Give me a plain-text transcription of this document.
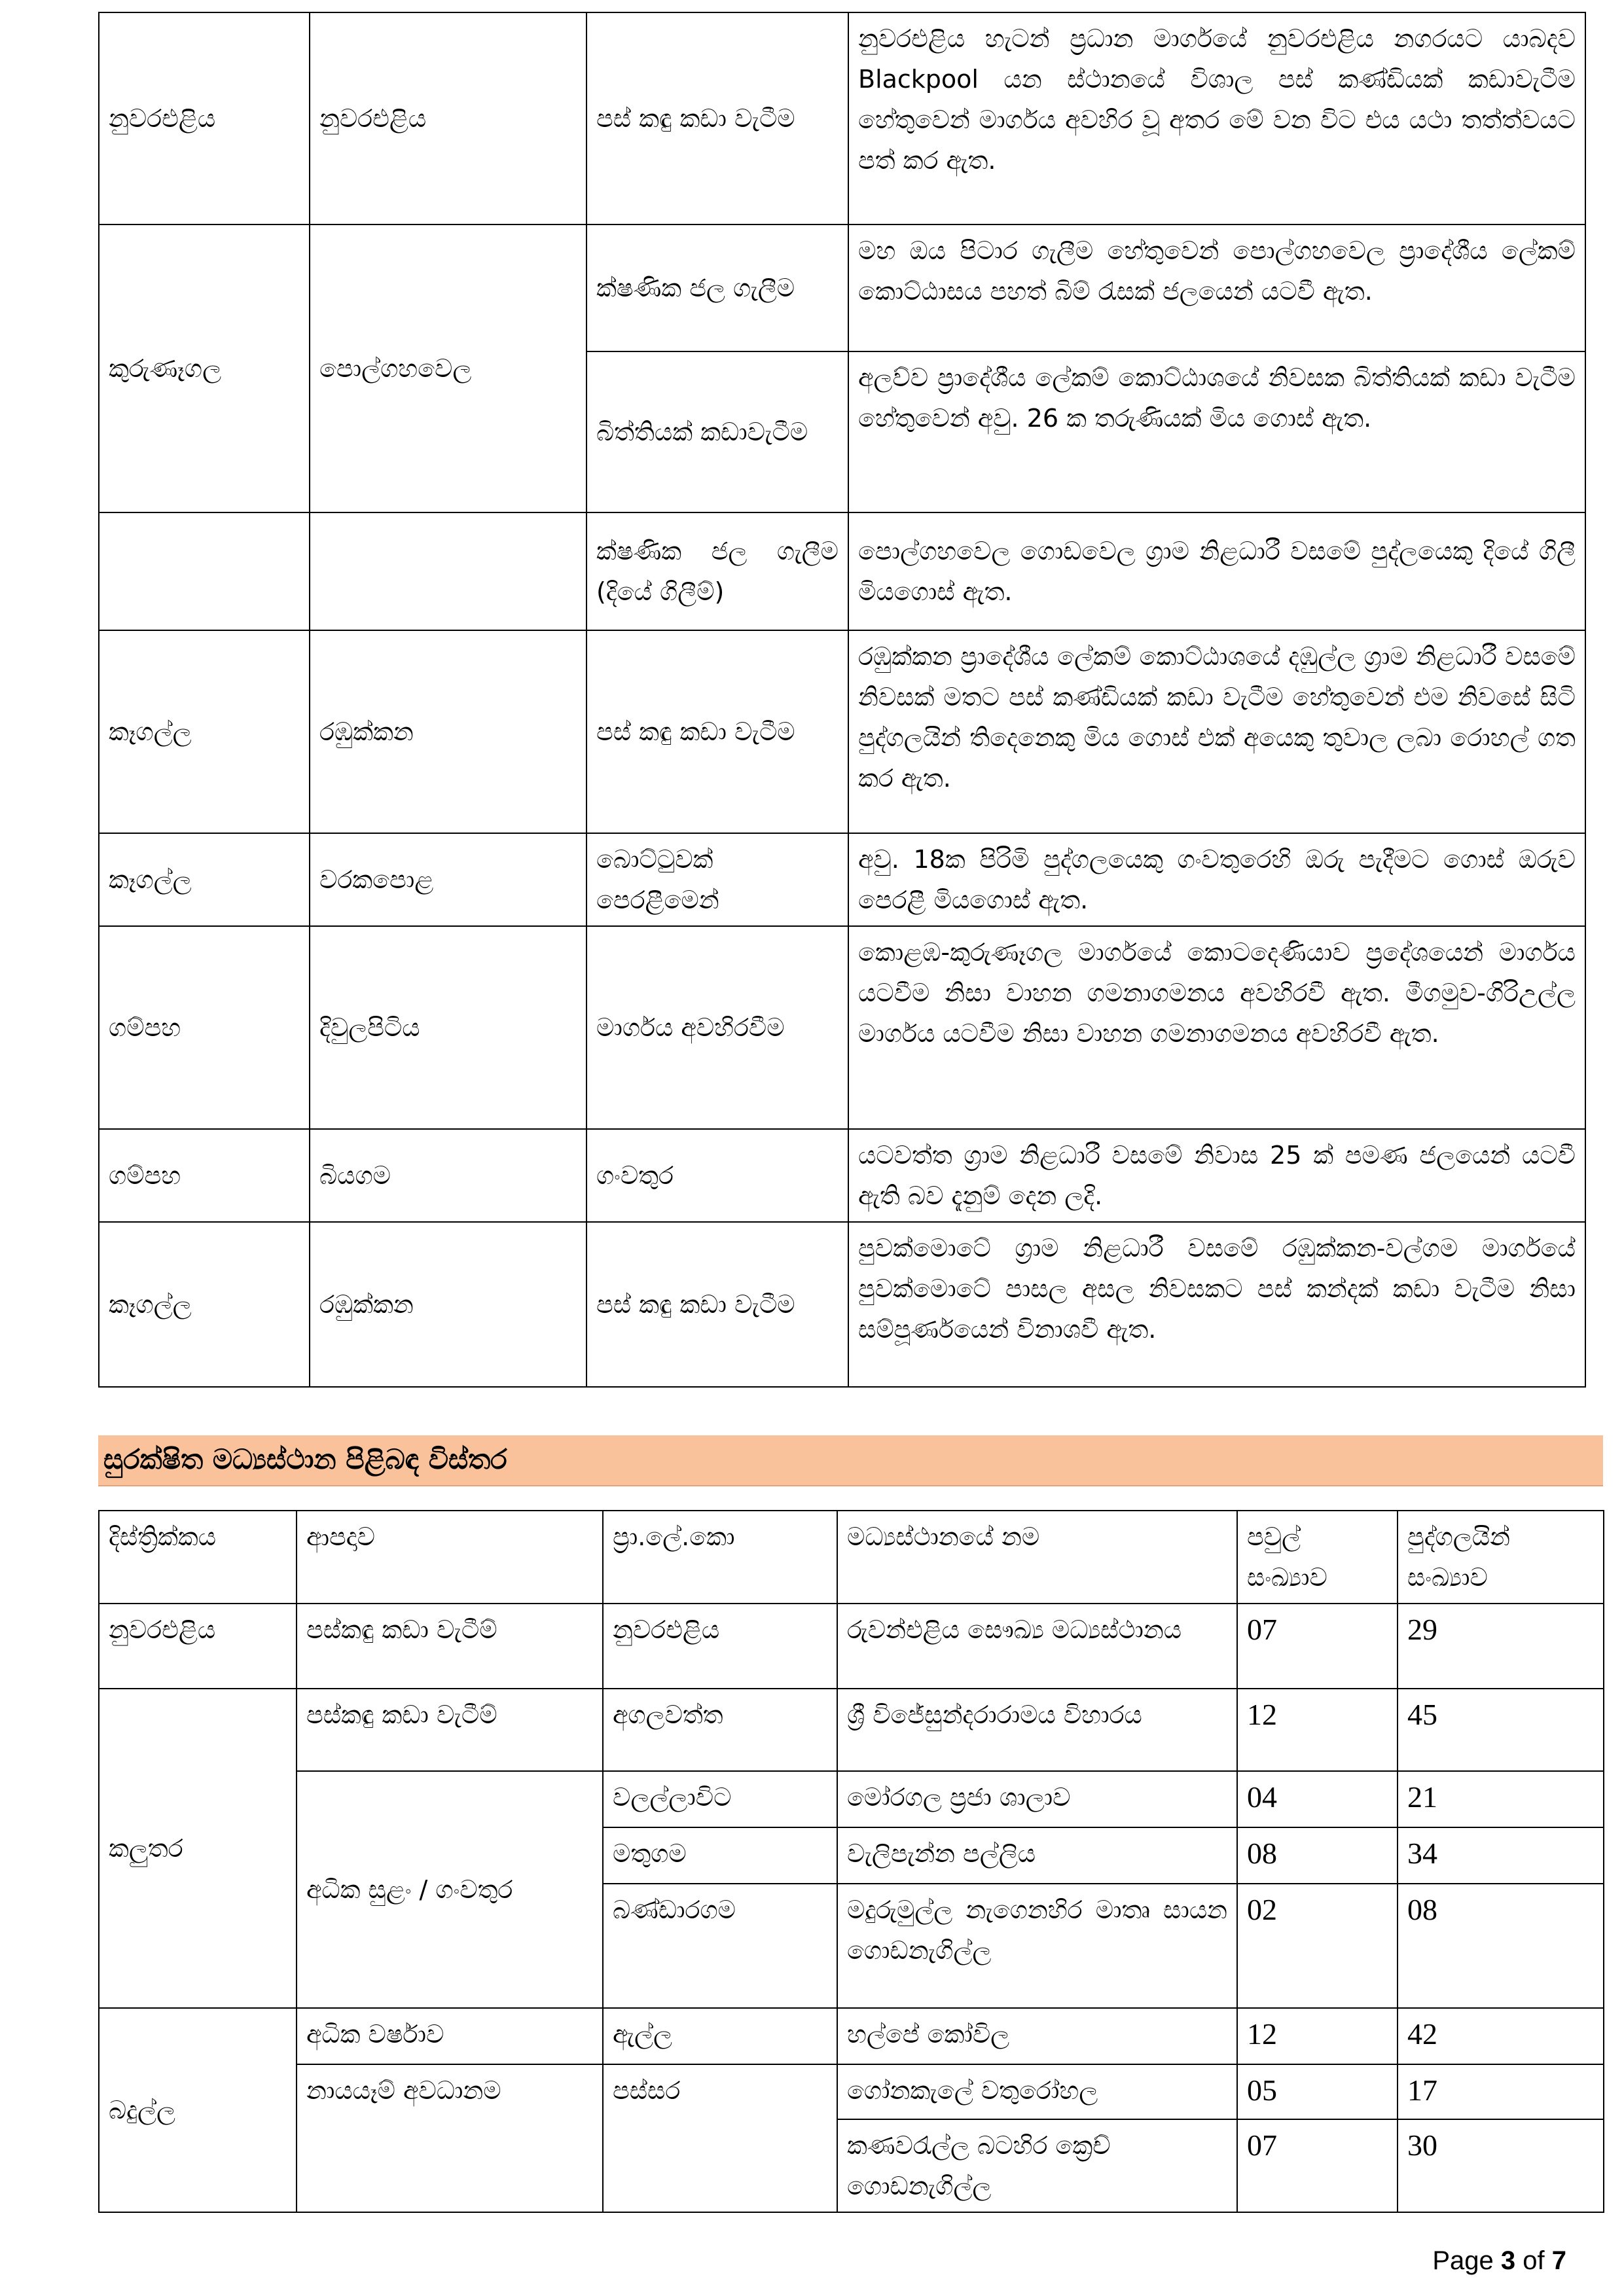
නුවරඑළිය	නුවරඑළිය	පස් කඳු කඩා වැටීම	නුවරඑළිය හැටන් ප්‍රධාන මාර්ගයේ නුවරඑළිය නගරයට යාබදව Blackpool යන ස්ථානයේ විශාල පස් කණ්ඩියක් කඩාවැටීම හේතුවෙන් මාර්ගය අවහිර වූ අතර මේ වන විට එය යථා තත්ත්වයට පත් කර ඇත.
කුරුණෑගල	පොල්ගහවෙල	ක්ෂණික ජල ගැලීම	මහ ඔය පිටාර ගැලීම හේතුවෙන් පොල්ගහවෙල ප්‍රාදේශීය ලේකම් කොට්ඨාසය පහත් බිම් රැසක් ජලයෙන් යටවී ඇත.
		බිත්තියක් කඩාවැටීම	අලව්ව ප්‍රාදේශීය ලේකම් කොට්ඨාශයේ නිවසක බිත්තියක් කඩා වැටීම හේතුවෙන් අවු. 26 ක තරුණියක් මිය ගොස් ඇත.
		ක්ෂණික ජල ගැලීම (දියේ ගිලීම්)	පොල්ගහවෙල ගොඩවෙල ග්‍රාම නිළධාරී වසමේ පුද්ලයෙකු දියේ ගිලී මියගොස් ඇත.
කෑගල්ල	රඹුක්කන	පස් කඳු කඩා වැටීම	රඹුක්කන ප්‍රාදේශීය ලේකම් කොට්ඨාශයේ දඹුල්ල ග්‍රාම නිළධාරී වසමේ නිවසක් මතට පස් කණ්ඩියක් කඩා වැටීම හේතුවෙන් එම නිවසේ සිටි පුද්ගලයින් තිදෙනෙකු මිය ගොස් එක් අයෙකු තුවාල ලබා රොහල් ගත කර ඇත.
කෑගල්ල	වරකපොළ	බොට්ටුවක් පෙරළීමෙන්	අවු. 18ක පිරිමි පුද්ගලයෙකු ගංවතුරෙහි ඔරු පැදීමට ගොස් ඔරුව පෙරළී මියගොස් ඇත.
ගම්පහ	දිවුලපිටිය	මාර්ගය අවහිරවීම	කොළඹ-කුරුණෑගල මාර්ගයේ කොටදෙණියාව ප්‍රදේශයෙන් මාර්ගය යටවීම නිසා වාහන ගමනාගමනය අවහිරවී ඇත. මීගමුව-ගිරිඋල්ල මාර්ගය යටවීම නිසා වාහන ගමනාගමනය අවහිරවී ඇත.
ගම්පහ	බියගම	ගංවතුර	යටවත්ත ග්‍රාම නිළධාරී වසමේ නිවාස 25 ක් පමණ ජලයෙන් යටවී ඇති බව දැනුම් දෙන ලදි.
කෑගල්ල	රඹුක්කන	පස් කඳු කඩා වැටීම	පුවක්මොටේ ග්‍රාම නිළධාරී වසමේ රඹුක්කන-වල්ගම මාර්ගයේ පුවක්මොටේ පාසල අසල නිවසකට පස් කන්දක් කඩා වැටීම නිසා සම්පූර්ණයෙන් විනාශවී ඇත.
සුරක්ෂිත මධ්‍යස්ථාන පිළිබඳ විස්තර
දිස්ත්‍රික්කය	ආපදාව	ප්‍රා.ලේ.කො	මධ්‍යස්ථානයේ නම	පවුල් සංඛ්‍යාව	පුද්ගලයින් සංඛ්‍යාව
නුවරඑළිය	පස්කඳු කඩා වැටීම්	නුවරඑළිය	රුවන්එළිය සෞඛ්‍ය මධ්‍යස්ථානය	07	29
කලුතර	පස්කඳු කඩා වැටීම්	අගලවත්ත	ශ්‍රී විජේසුන්දරාරාමය විහාරය	12	45
	අධික සුළං / ගංවතුර	වලල්ලාවිට	මෝරගල ප්‍රජා ශාලාව	04	21
		මතුගම	වැලිපැන්න පල්ලිය	08	34
		බණ්ඩාරගම	මදුරුමුල්ල නැගෙනහිර මාතෘ සායන ගොඩනැගිල්ල	02	08
බදුල්ල	අධික වර්ෂාව	ඇල්ල	හල්පේ කෝවිල	12	42
	නායයෑම් අවධානම	පස්සර	ගෝනකැලේ වතුරෝහල	05	17
			කණවරැල්ල බටහිර ක්‍රෙච් ගොඩනැගිල්ල	07	30
Page 3 of 7
